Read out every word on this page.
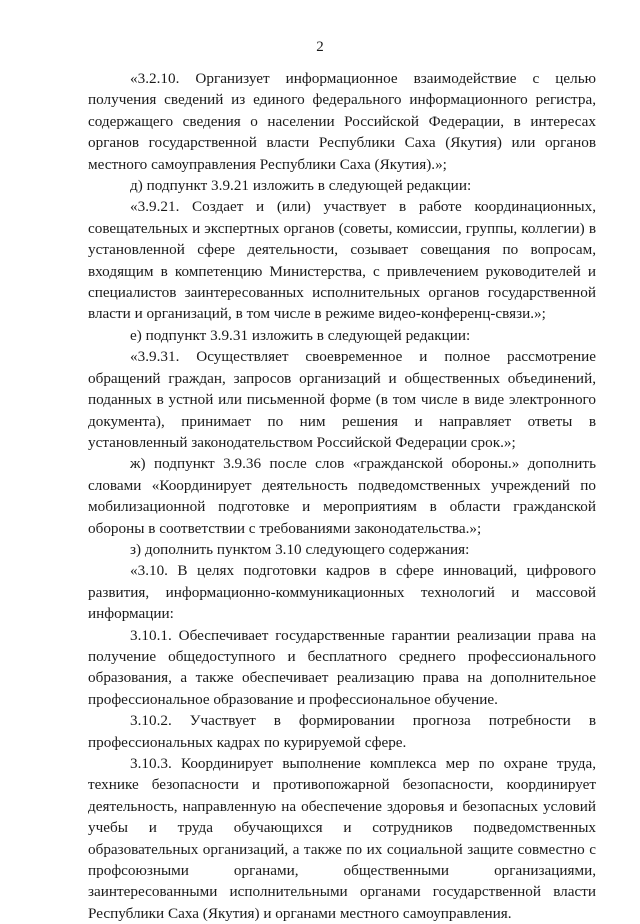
2

«3.2.10. Организует информационное взаимодействие с целью получения сведений из единого федерального информационного регистра, содержащего сведения о населении Российской Федерации, в интересах органов государственной власти Республики Саха (Якутия) или органов местного самоуправления Республики Саха (Якутия).»;

д) подпункт 3.9.21 изложить в следующей редакции:

«3.9.21. Создает и (или) участвует в работе координационных, совещательных и экспертных органов (советы, комиссии, группы, коллегии) в установленной сфере деятельности, созывает совещания по вопросам, входящим в компетенцию Министерства, с привлечением руководителей и специалистов заинтересованных исполнительных органов государственной власти и организаций, в том числе в режиме видео-конференц-связи.»;

е) подпункт 3.9.31 изложить в следующей редакции:

«3.9.31. Осуществляет своевременное и полное рассмотрение обращений граждан, запросов организаций и общественных объединений, поданных в устной или письменной форме (в том числе в виде электронного документа), принимает по ним решения и направляет ответы в установленный законодательством Российской Федерации срок.»;

ж) подпункт 3.9.36 после слов «гражданской обороны.» дополнить словами «Координирует деятельность подведомственных учреждений по мобилизационной подготовке и мероприятиям в области гражданской обороны в соответствии с требованиями законодательства.»;

з) дополнить пунктом 3.10 следующего содержания:

«3.10. В целях подготовки кадров в сфере инноваций, цифрового развития, информационно-коммуникационных технологий и массовой информации:

3.10.1. Обеспечивает государственные гарантии реализации права на получение общедоступного и бесплатного среднего профессионального образования, а также обеспечивает реализацию права на дополнительное профессиональное образование и профессиональное обучение.

3.10.2. Участвует в формировании прогноза потребности в профессиональных кадрах по курируемой сфере.

3.10.3. Координирует выполнение комплекса мер по охране труда, технике безопасности и противопожарной безопасности, координирует деятельность, направленную на обеспечение здоровья и безопасных условий учебы и труда обучающихся и сотрудников подведомственных образовательных организаций, а также по их социальной защите совместно с профсоюзными органами, общественными организациями, заинтересованными исполнительными органами государственной власти Республики Саха (Якутия) и органами местного самоуправления.
